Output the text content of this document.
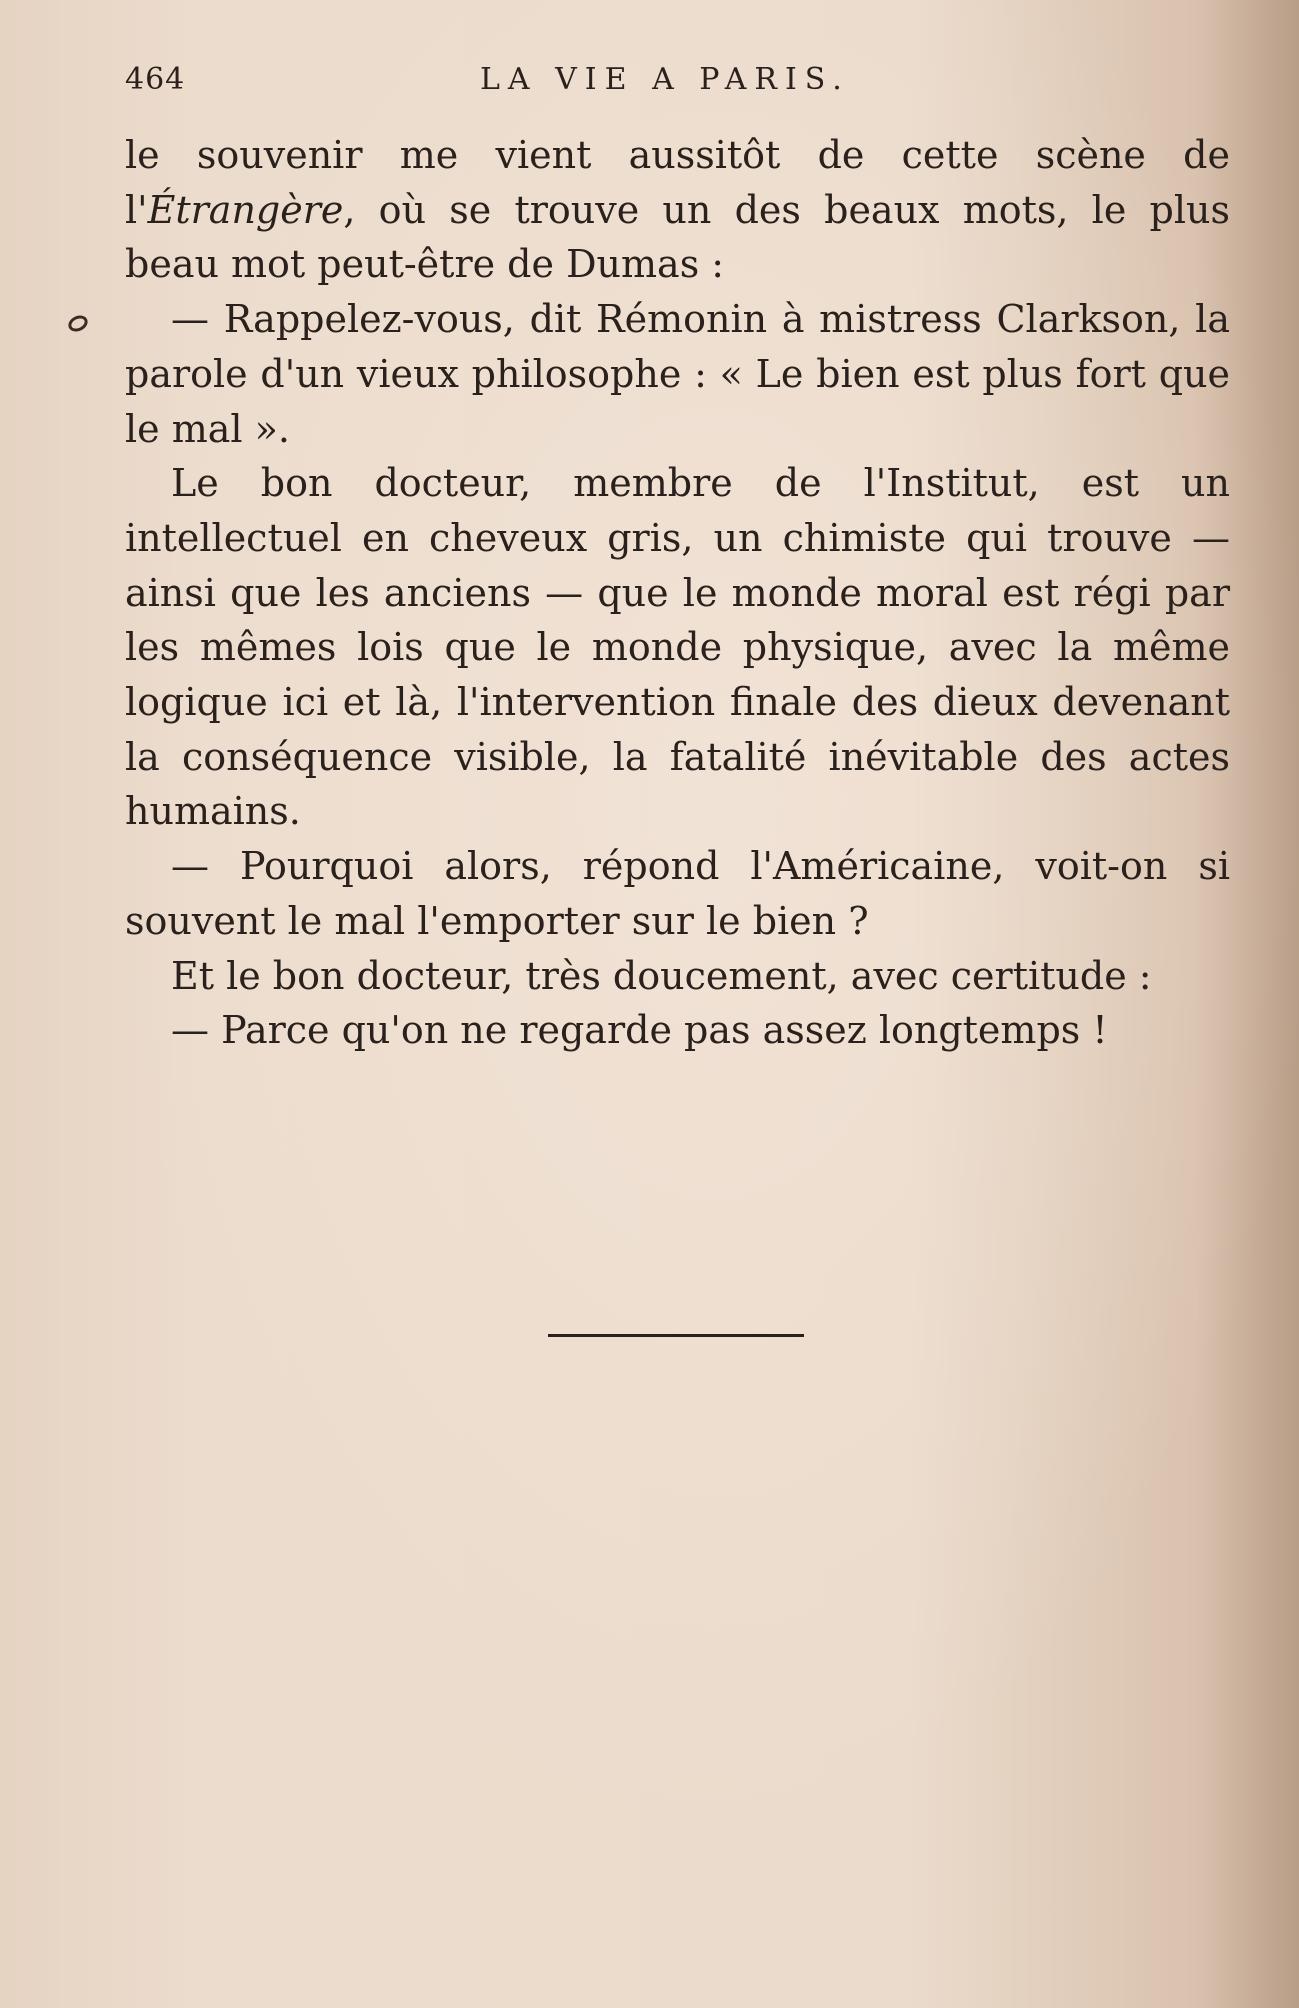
464	LA VIE A PARIS.

le souvenir me vient aussitôt de cette scène de l'Étrangère, où se trouve un des beaux mots, le plus beau mot peut-être de Dumas :

— Rappelez-vous, dit Rémonin à mistress Clarkson, la parole d'un vieux philosophe : « Le bien est plus fort que le mal ».

Le bon docteur, membre de l'Institut, est un intellectuel en cheveux gris, un chimiste qui trouve — ainsi que les anciens — que le monde moral est régi par les mêmes lois que le monde physique, avec la même logique ici et là, l'intervention finale des dieux devenant la conséquence visible, la fatalité inévitable des actes humains.

— Pourquoi alors, répond l'Américaine, voit-on si souvent le mal l'emporter sur le bien ?

Et le bon docteur, très doucement, avec certitude :

— Parce qu'on ne regarde pas assez longtemps !
